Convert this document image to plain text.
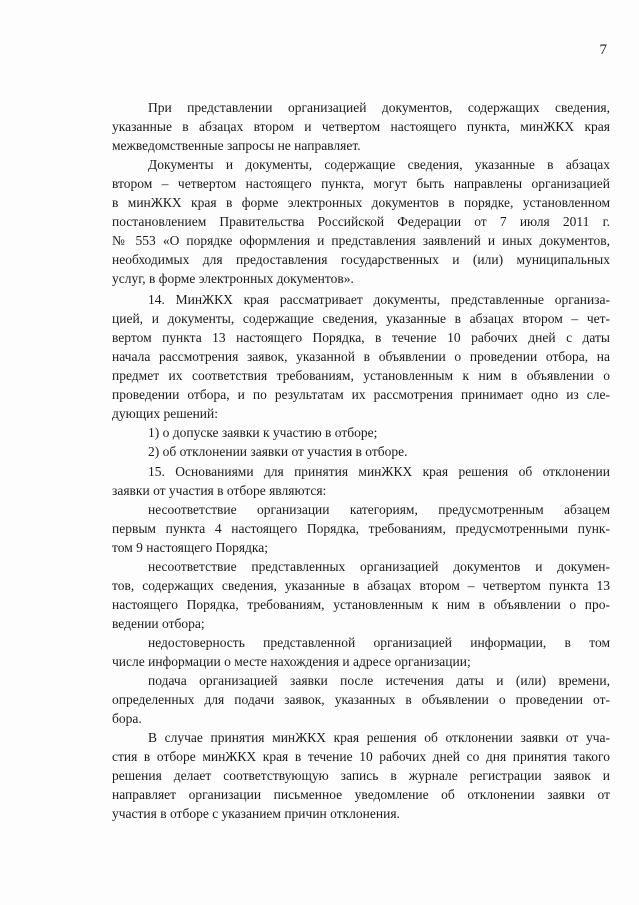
7
При представлении организацией документов, содержащих сведения,
указанные в абзацах втором и четвертом настоящего пункта, минЖКХ края
межведомственные запросы не направляет.
Документы и документы, содержащие сведения, указанные в абзацах
втором – четвертом настоящего пункта, могут быть направлены организацией
в минЖКХ края в форме электронных документов в порядке, установленном
постановлением Правительства Российской Федерации от 7 июля 2011 г.
№ 553 «О порядке оформления и представления заявлений и иных документов,
необходимых для предоставления государственных и (или) муниципальных
услуг, в форме электронных документов».
14. МинЖКХ края рассматривает документы, представленные организа-
цией, и документы, содержащие сведения, указанные в абзацах втором – чет-
вертом пункта 13 настоящего Порядка, в течение 10 рабочих дней с даты
начала рассмотрения заявок, указанной в объявлении о проведении отбора, на
предмет их соответствия требованиям, установленным к ним в объявлении о
проведении отбора, и по результатам их рассмотрения принимает одно из сле-
дующих решений:
1) о допуске заявки к участию в отборе;
2) об отклонении заявки от участия в отборе.
15. Основаниями для принятия минЖКХ края решения об отклонении
заявки от участия в отборе являются:
несоответствие организации категориям, предусмотренным абзацем
первым пункта 4 настоящего Порядка, требованиям, предусмотренными пунк-
том 9 настоящего Порядка;
несоответствие представленных организацией документов и докумен-
тов, содержащих сведения, указанные в абзацах втором – четвертом пункта 13
настоящего Порядка, требованиям, установленным к ним в объявлении о про-
ведении отбора;
недостоверность представленной организацией информации, в том
числе информации о месте нахождения и адресе организации;
подача организацией заявки после истечения даты и (или) времени,
определенных для подачи заявок, указанных в объявлении о проведении от-
бора.
В случае принятия минЖКХ края решения об отклонении заявки от уча-
стия в отборе минЖКХ края в течение 10 рабочих дней со дня принятия такого
решения делает соответствующую запись в журнале регистрации заявок и
направляет организации письменное уведомление об отклонении заявки от
участия в отборе с указанием причин отклонения.
